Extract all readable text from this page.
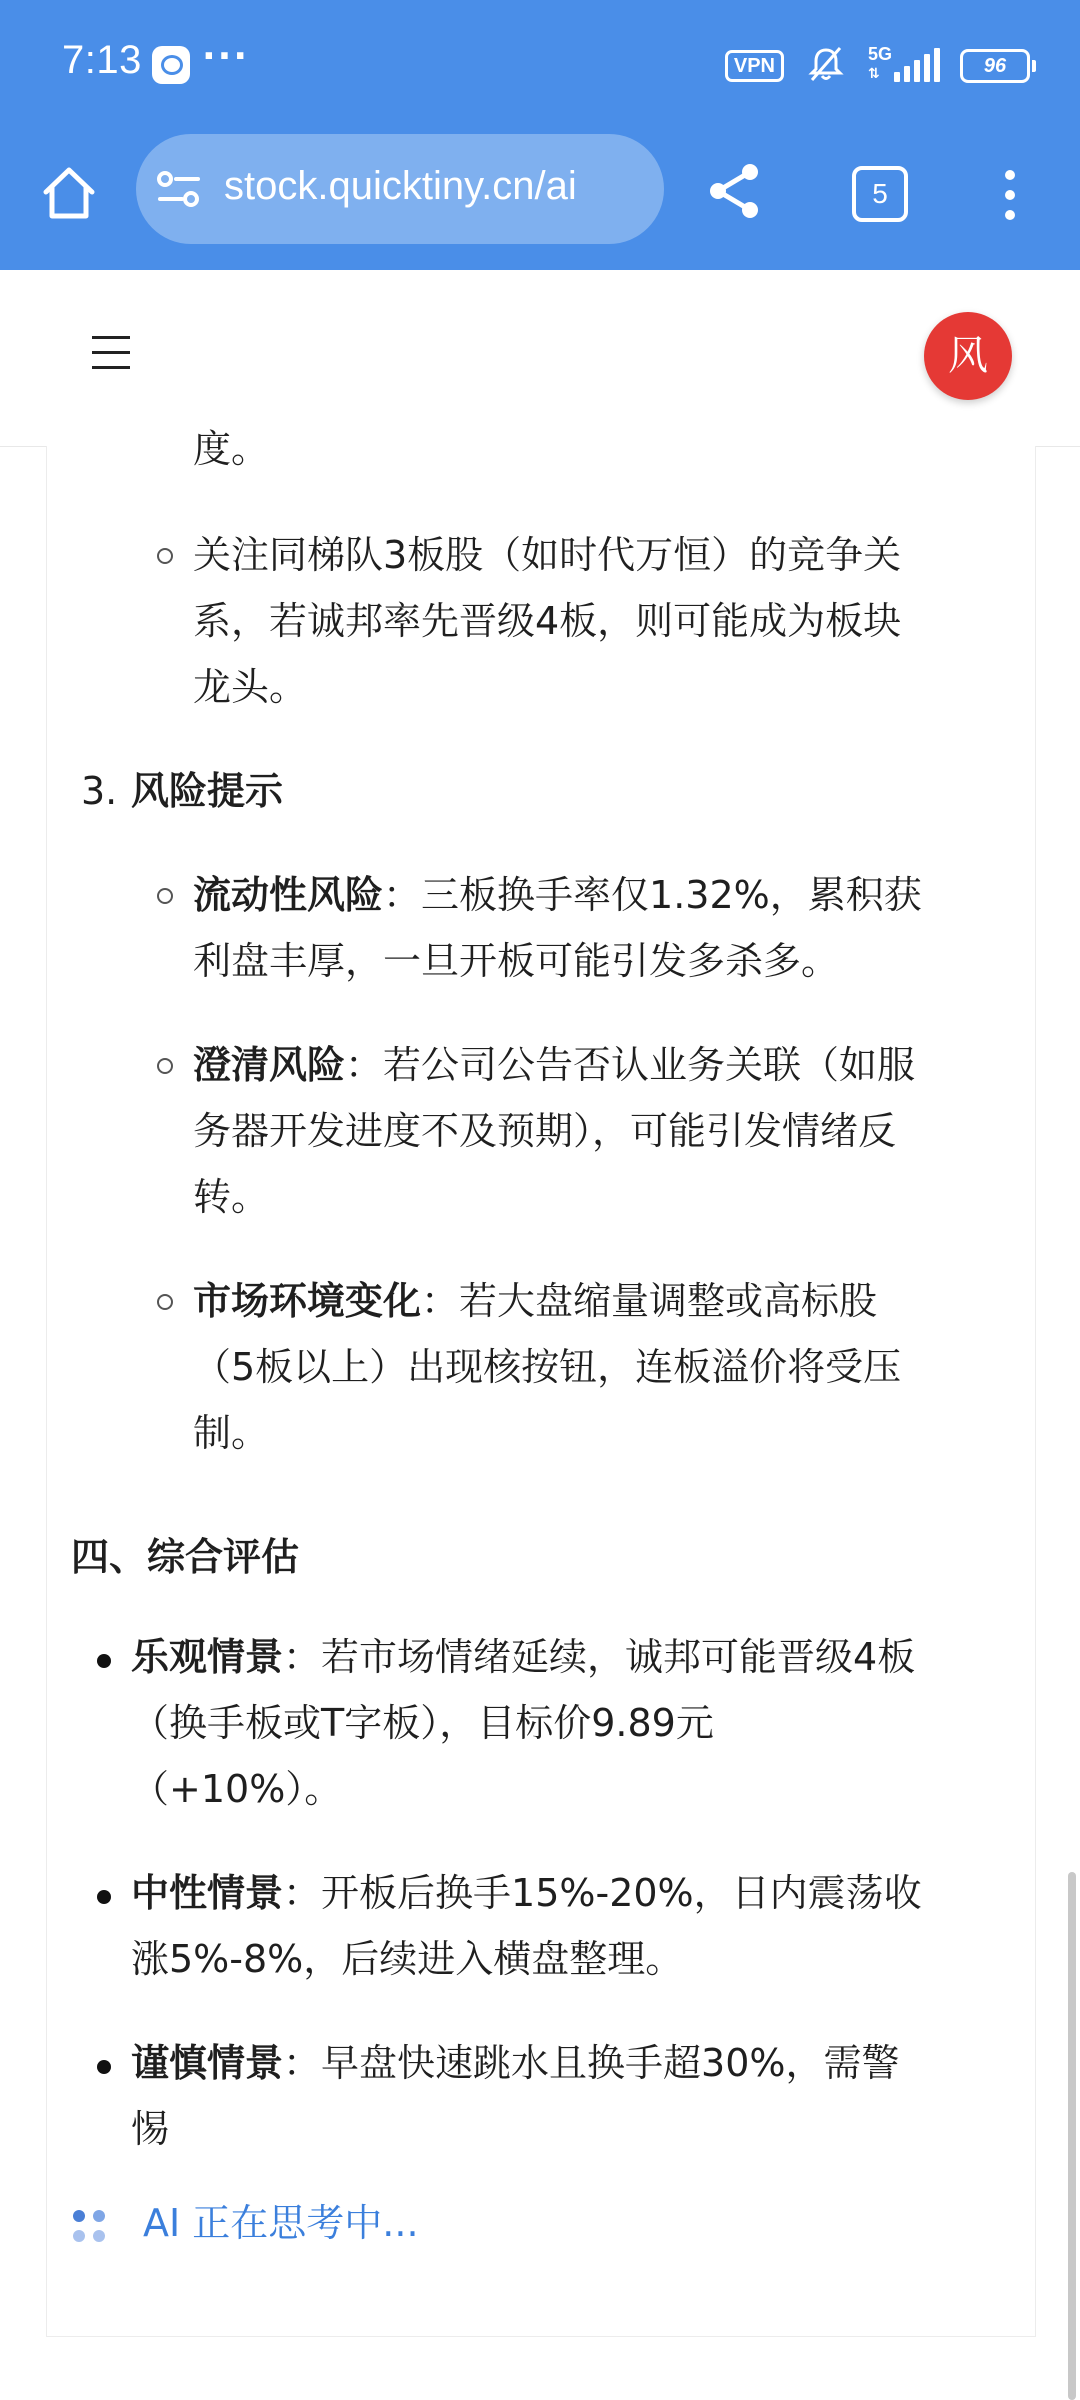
7:13 ···	VPN
5G
⇅	96
stock.quicktiny.cn/ai	5
风
度。
关注同梯队3板股（如时代万恒）的竞争关
系，若诚邦率先晋级4板，则可能成为板块
龙头。
3. 风险提示
流动性风险：三板换手率仅1.32%，累积获
利盘丰厚，一旦开板可能引发多杀多。
澄清风险：若公司公告否认业务关联（如服
务器开发进度不及预期），可能引发情绪反
转。
市场环境变化：若大盘缩量调整或高标股
（5板以上）出现核按钮，连板溢价将受压
制。
四、综合评估
乐观情景：若市场情绪延续，诚邦可能晋级4板
（换手板或T字板），目标价9.89元
（+10%）。
中性情景：开板后换手15%-20%，日内震荡收
涨5%-8%，后续进入横盘整理。
谨慎情景：早盘快速跳水且换手超30%，需警
惕
AI 正在思考中...
